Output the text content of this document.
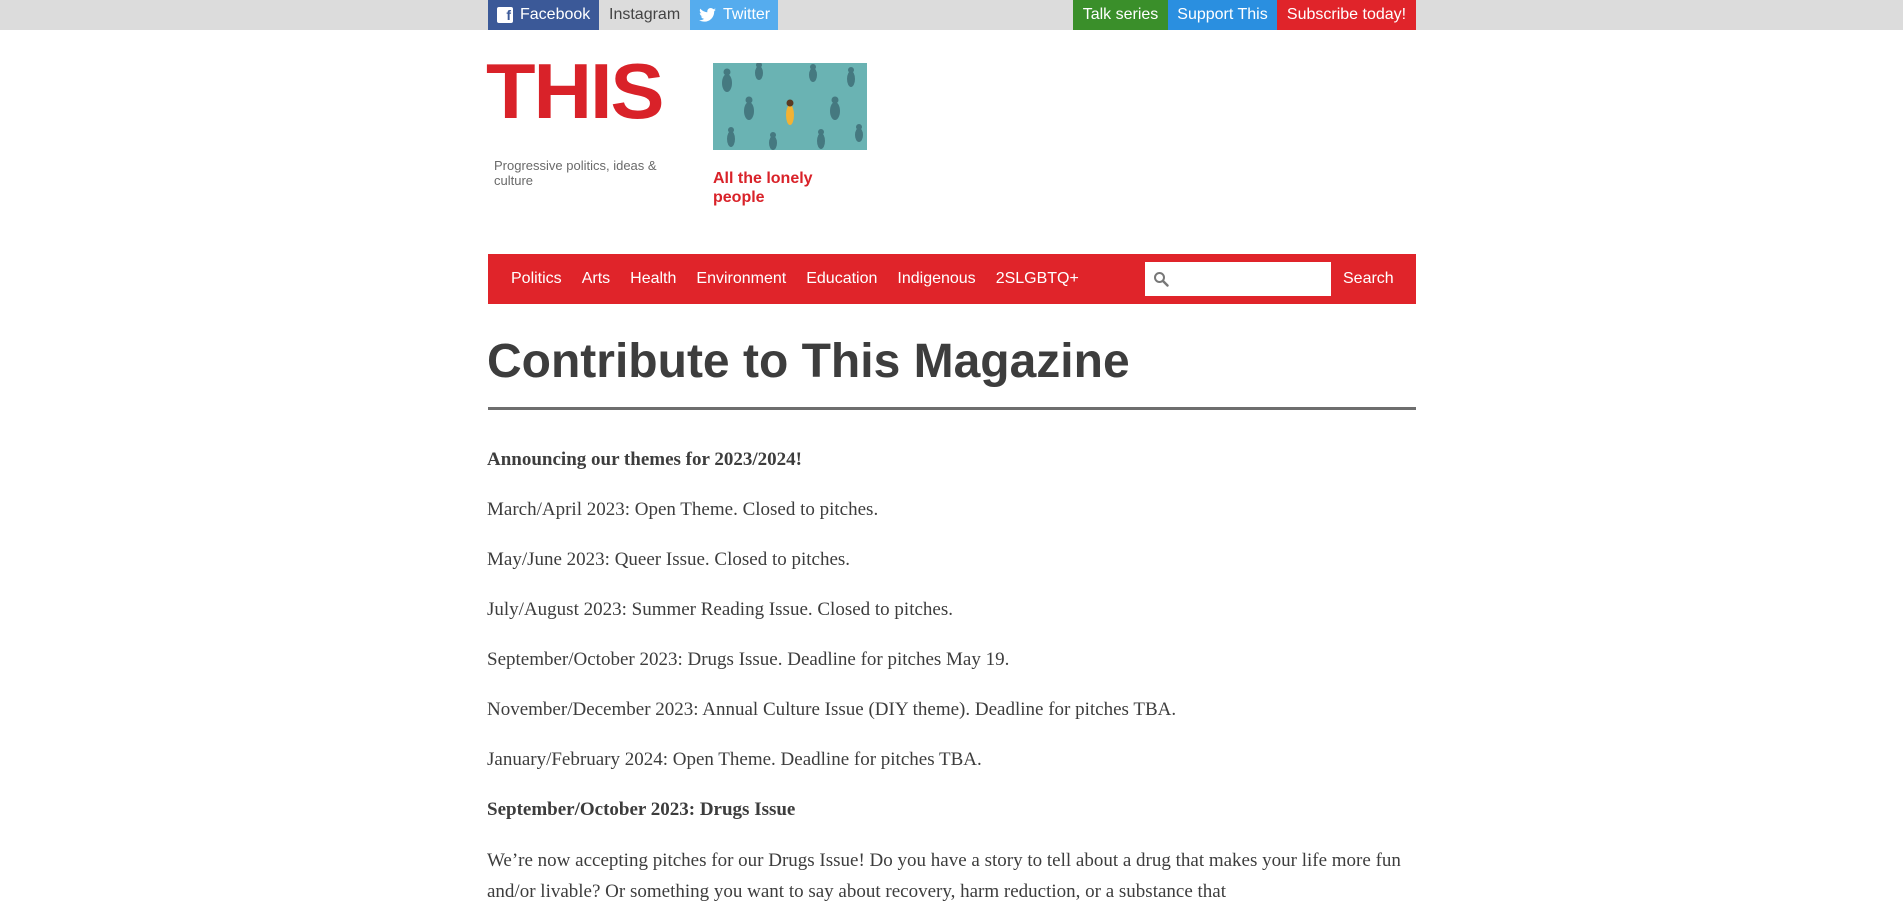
f Facebook Instagram	Twitter	Talk series	Support This	Subscribe today!
THIS
Progressive politics, ideas & culture	All the lonely people
Politics	Arts	Health	Environment	Education	Indigenous	2SLGBTQ+	Search
Contribute to This Magazine

Announcing our themes for 2023/2024!

March/April 2023: Open Theme. Closed to pitches.

May/June 2023: Queer Issue. Closed to pitches.

July/August 2023: Summer Reading Issue. Closed to pitches.

September/October 2023: Drugs Issue. Deadline for pitches May 19.

November/December 2023: Annual Culture Issue (DIY theme). Deadline for pitches TBA.

January/February 2024: Open Theme. Deadline for pitches TBA.

September/October 2023: Drugs Issue

We’re now accepting pitches for our Drugs Issue! Do you have a story to tell about a drug that makes your life more fun and/or livable? Or something you want to say about recovery, harm reduction, or a substance that
